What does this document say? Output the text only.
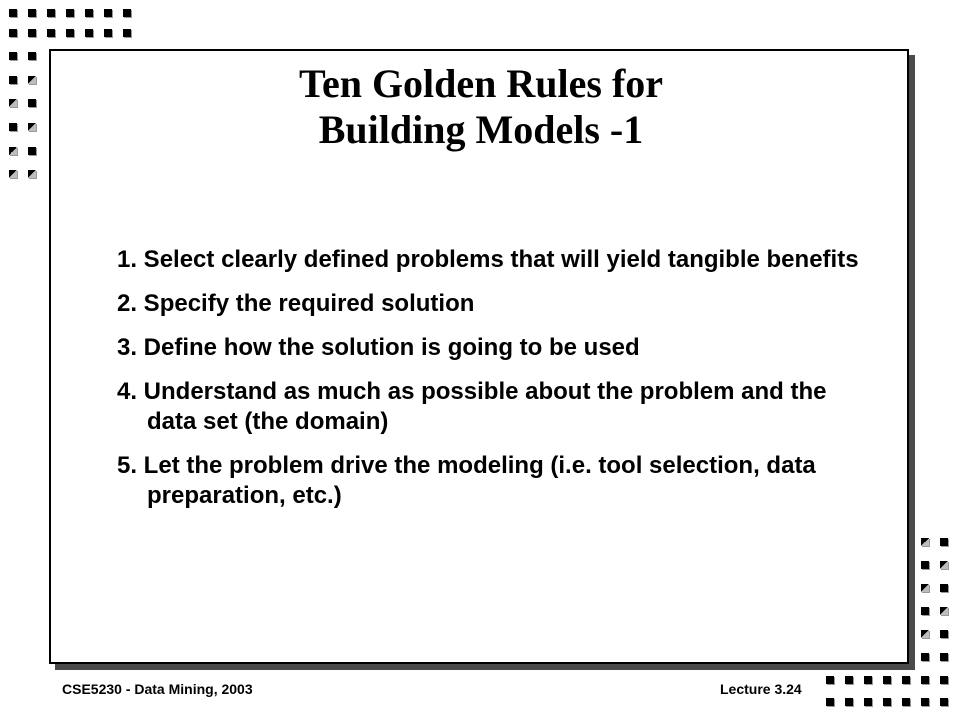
Ten Golden Rules for
Building Models -1
1. Select clearly defined problems that will yield tangible benefits
2. Specify the required solution
3. Define how the solution is going to be used
4. Understand as much as possible about the problem and the data set (the domain)
5. Let the problem drive the modeling (i.e. tool selection, data preparation, etc.)
CSE5230 - Data Mining, 2003	Lecture 3.24
